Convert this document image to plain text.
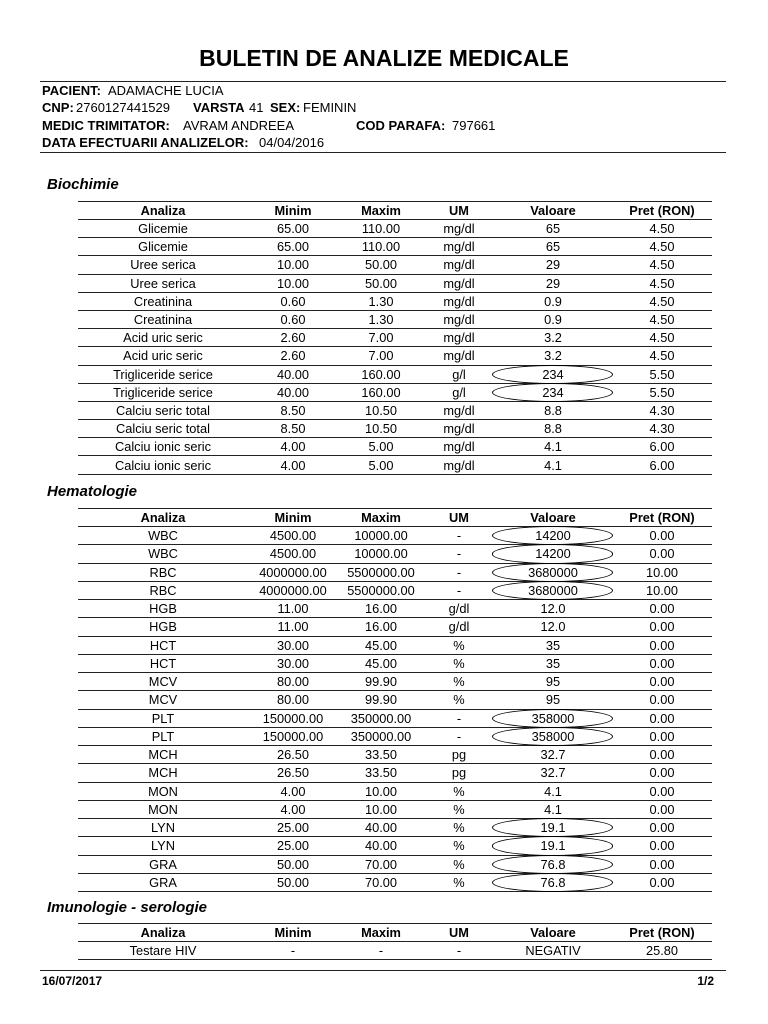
BULETIN DE ANALIZE MEDICALE
PACIENT: ADAMACHE LUCIA
CNP: 2760127441529 VARSTA 41 SEX: FEMININ
MEDIC TRIMITATOR: AVRAM ANDREEA	COD PARAFA: 797661
DATA EFECTUARII ANALIZELOR: 04/04/2016
Biochimie
Analiza	Minim	Maxim	UM	Valoare	Pret (RON)
Glicemie	65.00	110.00	mg/dl	65	4.50
Glicemie	65.00	110.00	mg/dl	65	4.50
Uree serica	10.00	50.00	mg/dl	29	4.50
Uree serica	10.00	50.00	mg/dl	29	4.50
Creatinina	0.60	1.30	mg/dl	0.9	4.50
Creatinina	0.60	1.30	mg/dl	0.9	4.50
Acid uric seric	2.60	7.00	mg/dl	3.2	4.50
Acid uric seric	2.60	7.00	mg/dl	3.2	4.50
Trigliceride serice	40.00	160.00	g/l	234	5.50
Trigliceride serice	40.00	160.00	g/l	234	5.50
Calciu seric total	8.50	10.50	mg/dl	8.8	4.30
Calciu seric total	8.50	10.50	mg/dl	8.8	4.30
Calciu ionic seric	4.00	5.00	mg/dl	4.1	6.00
Calciu ionic seric	4.00	5.00	mg/dl	4.1	6.00
Hematologie
Analiza	Minim	Maxim	UM	Valoare	Pret (RON)
WBC	4500.00	10000.00	-	14200	0.00
WBC	4500.00	10000.00	-	14200	0.00
RBC	4000000.00 5500000.00	-	3680000	10.00
RBC	4000000.00 5500000.00	-	3680000	10.00
HGB	11.00	16.00	g/dl	12.0	0.00
HGB	11.00	16.00	g/dl	12.0	0.00
HCT	30.00	45.00	%	35	0.00
HCT	30.00	45.00	%	35	0.00
MCV	80.00	99.90	%	95	0.00
MCV	80.00	99.90	%	95	0.00
PLT	150000.00 350000.00	-	358000	0.00
PLT	150000.00 350000.00	-	358000	0.00
MCH	26.50	33.50	pg	32.7	0.00
MCH	26.50	33.50	pg	32.7	0.00
MON	4.00	10.00	%	4.1	0.00
MON	4.00	10.00	%	4.1	0.00
LYN	25.00	40.00	%	19.1	0.00
LYN	25.00	40.00	%	19.1	0.00
GRA	50.00	70.00	%	76.8	0.00
GRA	50.00	70.00	%	76.8	0.00
Imunologie - serologie
Analiza	Minim	Maxim	UM	Valoare	Pret (RON)
Testare HIV	-	-	-	NEGATIV	25.80
16/07/2017	1/2
